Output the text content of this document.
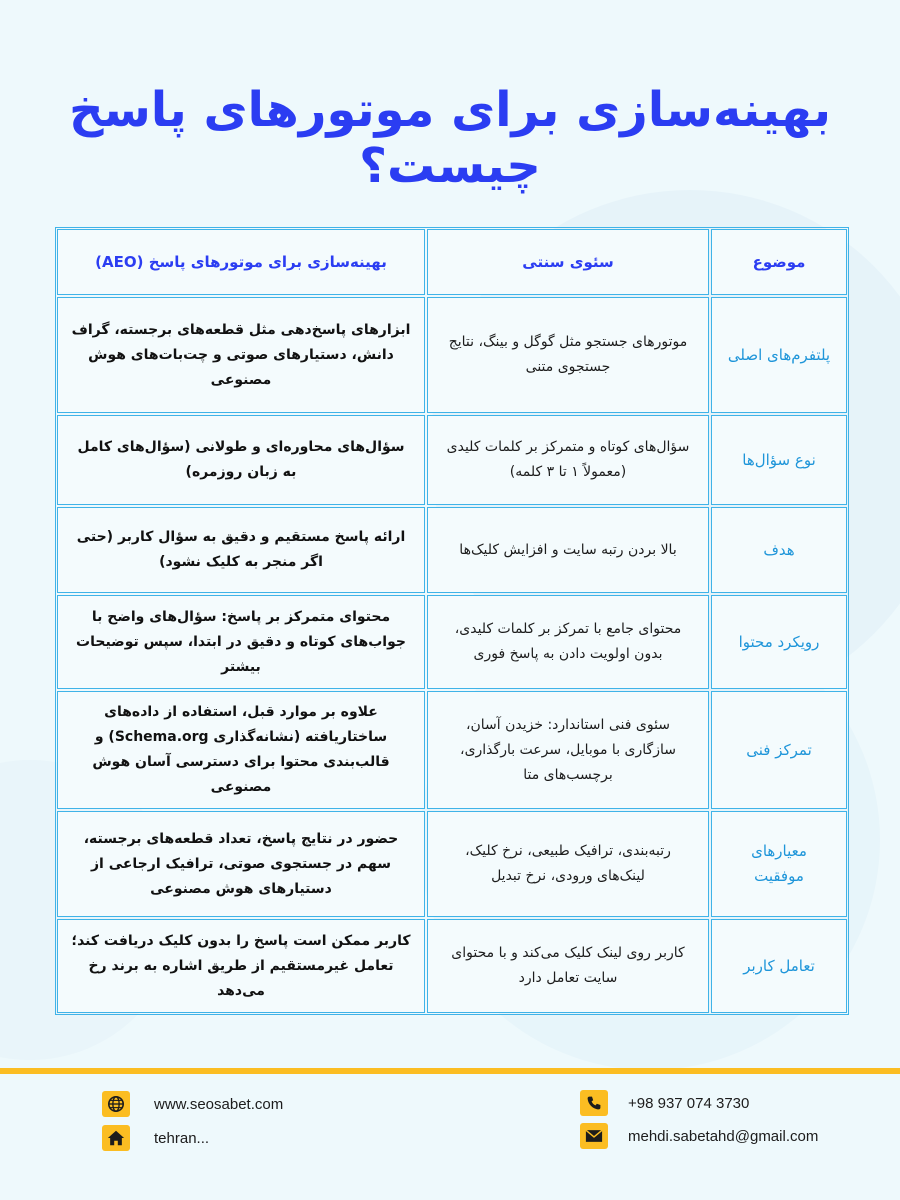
بهینه‌سازی برای موتورهای پاسخ چیست؟
موضوع
سئوی سنتی
بهینه‌سازی برای موتورهای پاسخ (AEO)
پلتفرم‌های اصلی
موتورهای جستجو مثل گوگل و بینگ، نتایج جستجوی متنی
ابزارهای پاسخ‌دهی مثل قطعه‌های برجسته، گراف دانش، دستیارهای صوتی و چت‌بات‌های هوش مصنوعی
نوع سؤال‌ها
سؤال‌های کوتاه و متمرکز بر کلمات کلیدی (معمولاً ۱ تا ۳ کلمه)
سؤال‌های محاوره‌ای و طولانی (سؤال‌های کامل به زبان روزمره)
هدف
بالا بردن رتبه سایت و افزایش کلیک‌ها
ارائه پاسخ مستقیم و دقیق به سؤال کاربر (حتی اگر منجر به کلیک نشود)
رویکرد محتوا
محتوای جامع با تمرکز بر کلمات کلیدی، بدون اولویت دادن به پاسخ فوری
محتوای متمرکز بر پاسخ: سؤال‌های واضح با جواب‌های کوتاه و دقیق در ابتدا، سپس توضیحات بیشتر
تمرکز فنی
سئوی فنی استاندارد: خزیدن آسان، سازگاری با موبایل، سرعت بارگذاری، برچسب‌های متا
علاوه بر موارد قبل، استفاده از داده‌های ساختاریافته (نشانه‌گذاری Schema.org) و قالب‌بندی محتوا برای دسترسی آسان هوش مصنوعی
معیارهای موفقیت
رتبه‌بندی، ترافیک طبیعی، نرخ کلیک، لینک‌های ورودی، نرخ تبدیل
حضور در نتایج پاسخ، تعداد قطعه‌های برجسته، سهم در جستجوی صوتی، ترافیک ارجاعی از دستیارهای هوش مصنوعی
تعامل کاربر
کاربر روی لینک کلیک می‌کند و با محتوای سایت تعامل دارد
کاربر ممکن است پاسخ را بدون کلیک دریافت کند؛ تعامل غیرمستقیم از طریق اشاره به برند رخ می‌دهد
www.seosabet.com
tehran...
+98 937 074 3730
mehdi.sabetahd@gmail.com
